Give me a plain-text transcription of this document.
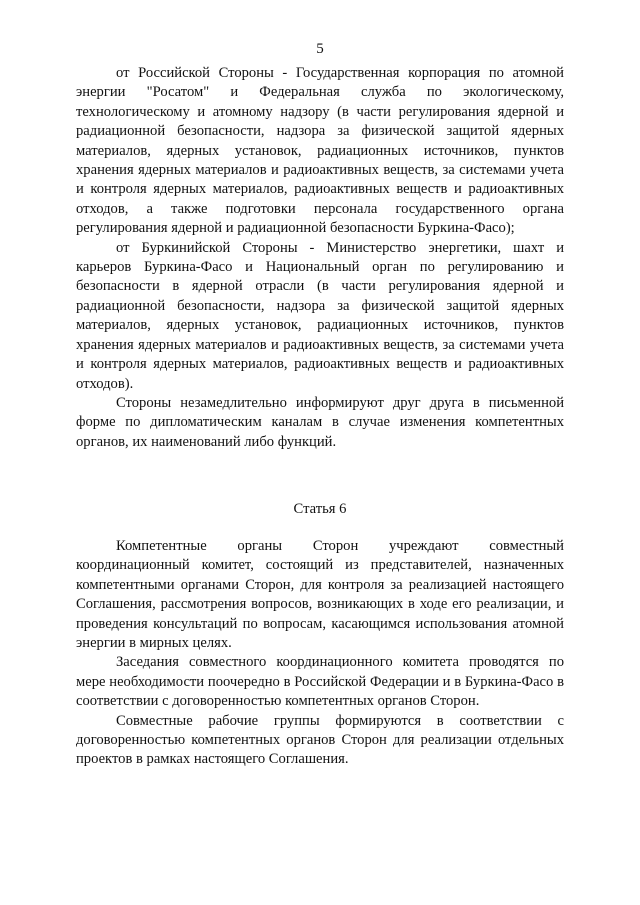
5

от Российской Стороны - Государственная корпорация по атомной энергии "Росатом" и Федеральная служба по экологическому, технологическому и атомному надзору (в части регулирования ядерной и радиационной безопасности, надзора за физической защитой ядерных материалов, ядерных установок, радиационных источников, пунктов хранения ядерных материалов и радиоактивных веществ, за системами учета и контроля ядерных материалов, радиоактивных веществ и радиоактивных отходов, а также подготовки персонала государственного органа регулирования ядерной и радиационной безопасности Буркина-Фасо);

от Буркинийской Стороны - Министерство энергетики, шахт и карьеров Буркина-Фасо и Национальный орган по регулированию и безопасности в ядерной отрасли (в части регулирования ядерной и радиационной безопасности, надзора за физической защитой ядерных материалов, ядерных установок, радиационных источников, пунктов хранения ядерных материалов и радиоактивных веществ, за системами учета и контроля ядерных материалов, радиоактивных веществ и радиоактивных отходов).

Стороны незамедлительно информируют друг друга в письменной форме по дипломатическим каналам в случае изменения компетентных органов, их наименований либо функций.

Статья 6

Компетентные органы Сторон учреждают совместный координационный комитет, состоящий из представителей, назначенных компетентными органами Сторон, для контроля за реализацией настоящего Соглашения, рассмотрения вопросов, возникающих в ходе его реализации, и проведения консультаций по вопросам, касающимся использования атомной энергии в мирных целях.

Заседания совместного координационного комитета проводятся по мере необходимости поочередно в Российской Федерации и в Буркина-Фасо в соответствии с договоренностью компетентных органов Сторон.

Совместные рабочие группы формируются в соответствии с договоренностью компетентных органов Сторон для реализации отдельных проектов в рамках настоящего Соглашения.
